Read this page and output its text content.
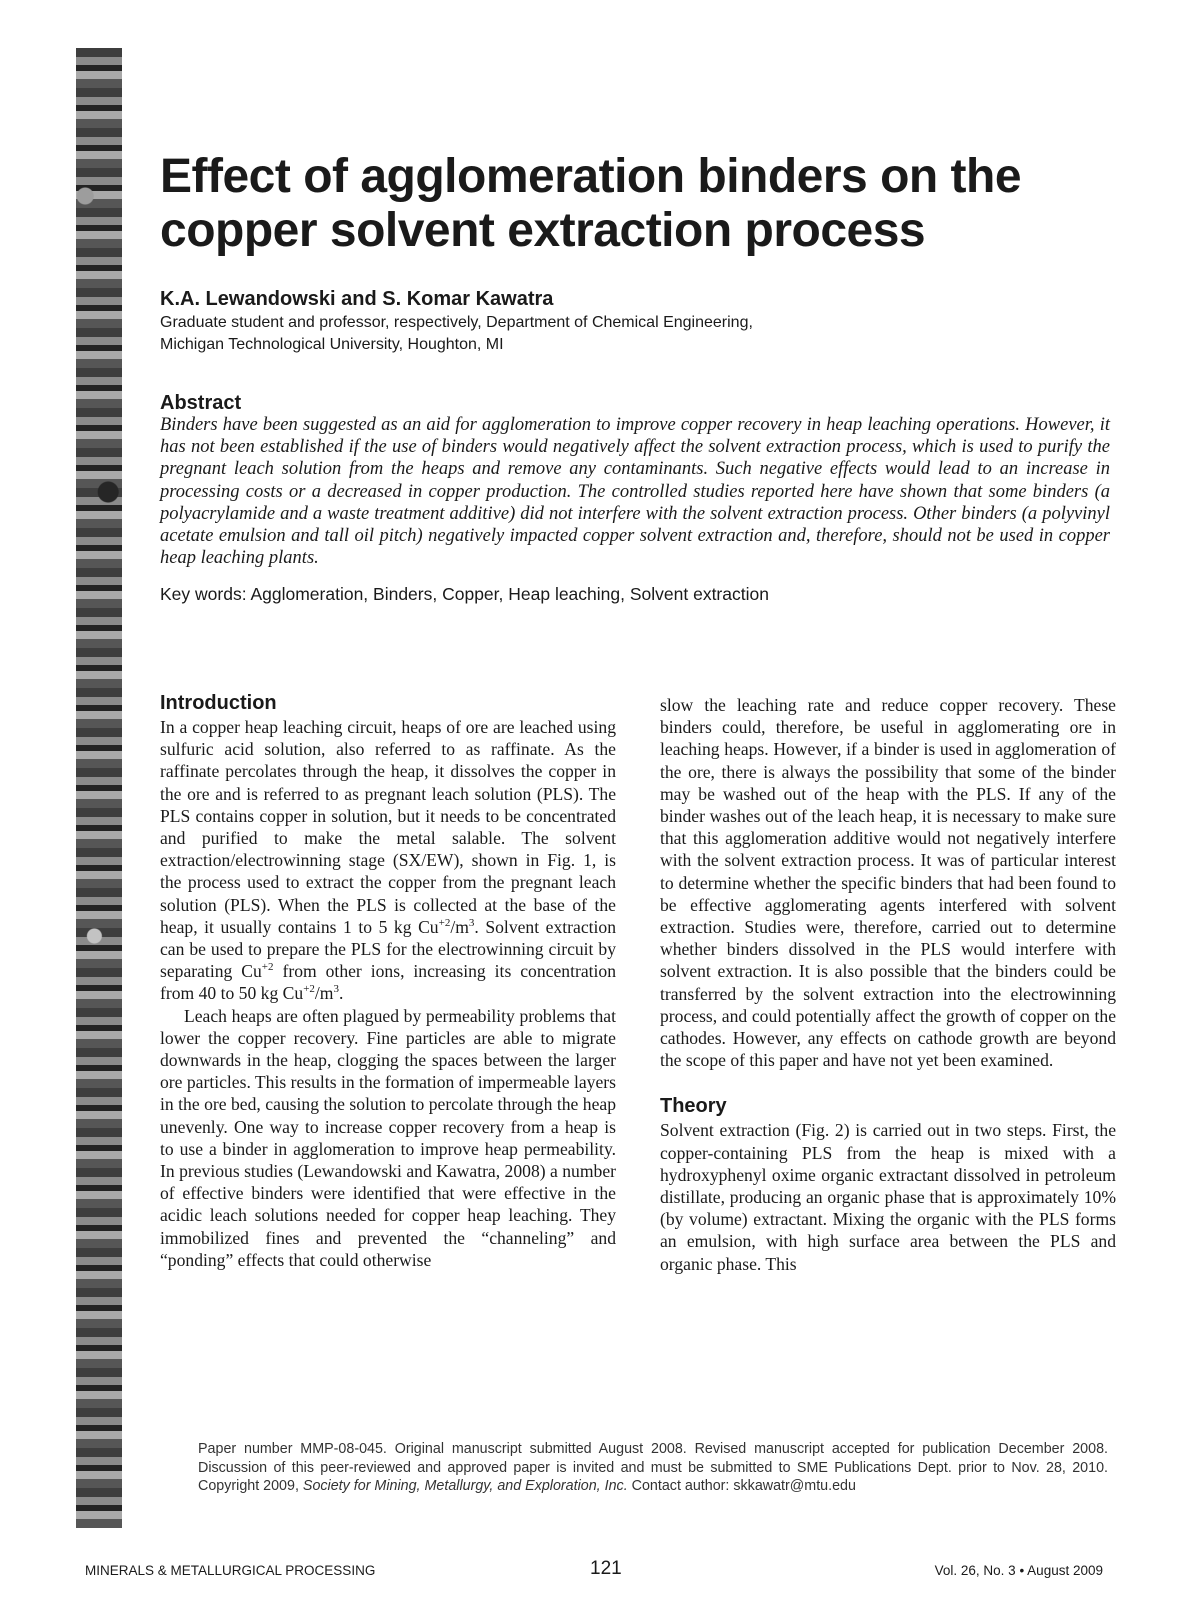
Effect of agglomeration binders on the copper solvent extraction process

K.A. Lewandowski and S. Komar Kawatra

Graduate student and professor, respectively, Department of Chemical Engineering,
Michigan Technological University, Houghton, MI

Abstract

Binders have been suggested as an aid for agglomeration to improve copper recovery in heap leaching operations. However, it has not been established if the use of binders would negatively affect the solvent extraction process, which is used to purify the pregnant leach solution from the heaps and remove any contaminants. Such negative effects would lead to an increase in processing costs or a decreased in copper production. The controlled studies reported here have shown that some binders (a polyacrylamide and a waste treatment additive) did not interfere with the solvent extraction process. Other binders (a polyvinyl acetate emulsion and tall oil pitch) negatively impacted copper solvent extraction and, therefore, should not be used in copper heap leaching plants.

Key words: Agglomeration, Binders, Copper, Heap leaching, Solvent extraction

Introduction

In a copper heap leaching circuit, heaps of ore are leached using sulfuric acid solution, also referred to as raffinate. As the raffinate percolates through the heap, it dissolves the copper in the ore and is referred to as pregnant leach solution (PLS). The PLS contains copper in solution, but it needs to be concentrated and purified to make the metal salable. The solvent extraction/electrowinning stage (SX/EW), shown in Fig. 1, is the process used to extract the copper from the pregnant leach solution (PLS). When the PLS is collected at the base of the heap, it usually contains 1 to 5 kg $Cu^{+2}/m^3$. Solvent extraction can be used to prepare the PLS for the electrowinning circuit by separating $Cu^{+2}$ from other ions, increasing its concentration from 40 to 50 kg $Cu^{+2}/m^3$.

Leach heaps are often plagued by permeability problems that lower the copper recovery. Fine particles are able to migrate downwards in the heap, clogging the spaces between the larger ore particles. This results in the formation of impermeable layers in the ore bed, causing the solution to percolate through the heap unevenly. One way to increase copper recovery from a heap is to use a binder in agglomeration to improve heap permeability. In previous studies (Lewandowski and Kawatra, 2008) a number of effective binders were identified that were effective in the acidic leach solutions needed for copper heap leaching. They immobilized fines and prevented the “channeling” and “ponding” effects that could otherwise

slow the leaching rate and reduce copper recovery. These binders could, therefore, be useful in agglomerating ore in leaching heaps. However, if a binder is used in agglomeration of the ore, there is always the possibility that some of the binder may be washed out of the heap with the PLS. If any of the binder washes out of the leach heap, it is necessary to make sure that this agglomeration additive would not negatively interfere with the solvent extraction process. It was of particular interest to determine whether the specific binders that had been found to be effective agglomerating agents interfered with solvent extraction. Studies were, therefore, carried out to determine whether binders dissolved in the PLS would interfere with solvent extraction. It is also possible that the binders could be transferred by the solvent extraction into the electrowinning process, and could potentially affect the growth of copper on the cathodes. However, any effects on cathode growth are beyond the scope of this paper and have not yet been examined.

Theory

Solvent extraction (Fig. 2) is carried out in two steps. First, the copper-containing PLS from the heap is mixed with a hydroxyphenyl oxime organic extractant dissolved in petroleum distillate, producing an organic phase that is approximately 10% (by volume) extractant. Mixing the organic with the PLS forms an emulsion, with high surface area between the PLS and organic phase. This

Paper number MMP-08-045. Original manuscript submitted August 2008. Revised manuscript accepted for publication December 2008. Discussion of this peer-reviewed and approved paper is invited and must be submitted to SME Publications Dept. prior to Nov. 28, 2010. Copyright 2009, Society for Mining, Metallurgy, and Exploration, Inc. Contact author: skkawatr@mtu.edu

MINERALS & METALLURGICAL PROCESSING	121	Vol. 26, No. 3 • August 2009
